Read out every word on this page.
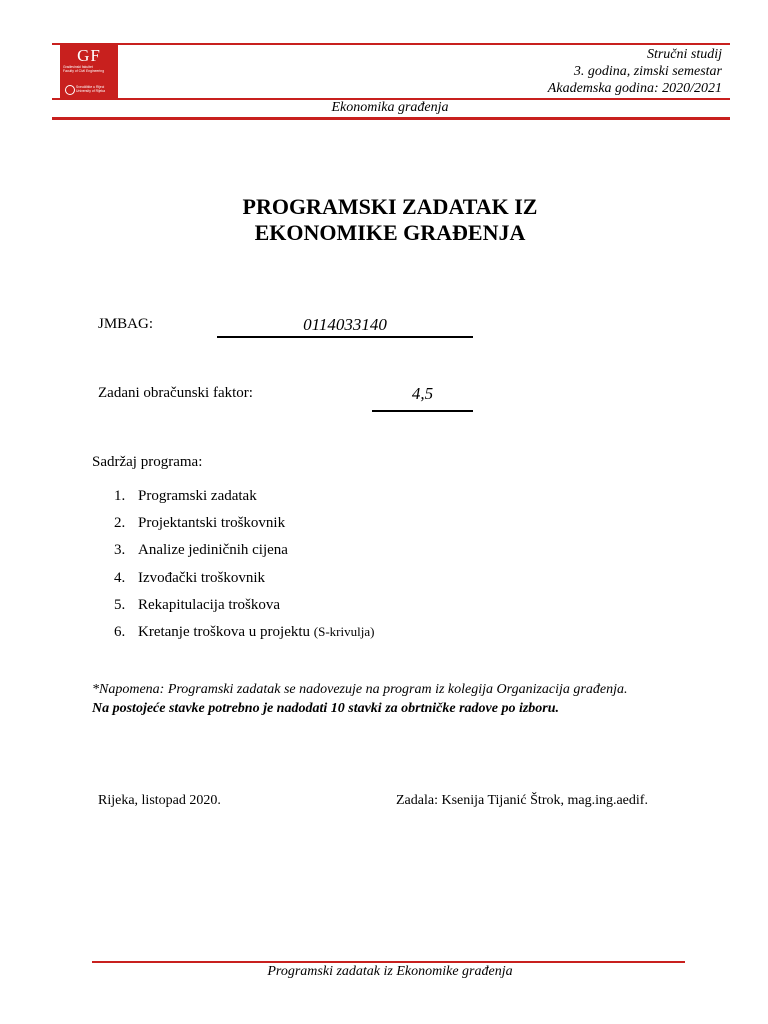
GF
Građevinski fakultet
Faculty of Civil Engineering
Sveučilište u Rijeci
University of Rijeka
Stručni studij
3. godina, zimski semestar
Akademska godina: 2020/2021
Ekonomika građenja
PROGRAMSKI ZADATAK IZ
EKONOMIKE GRAĐENJA
JMBAG:	0114033140
Zadani obračunski faktor:	4,5
Sadržaj programa:
1. Programski zadatak
2. Projektantski troškovnik
3. Analize jediničnih cijena
4. Izvođački troškovnik
5. Rekapitulacija troškova
6. Kretanje troškova u projektu (S-krivulja)
*Napomena: Programski zadatak se nadovezuje na program iz kolegija Organizacija građenja.
Na postojeće stavke potrebno je nadodati 10 stavki za obrtničke radove po izboru.
Rijeka, listopad 2020.	Zadala: Ksenija Tijanić Štrok, mag.ing.aedif.
Programski zadatak iz Ekonomike građenja
